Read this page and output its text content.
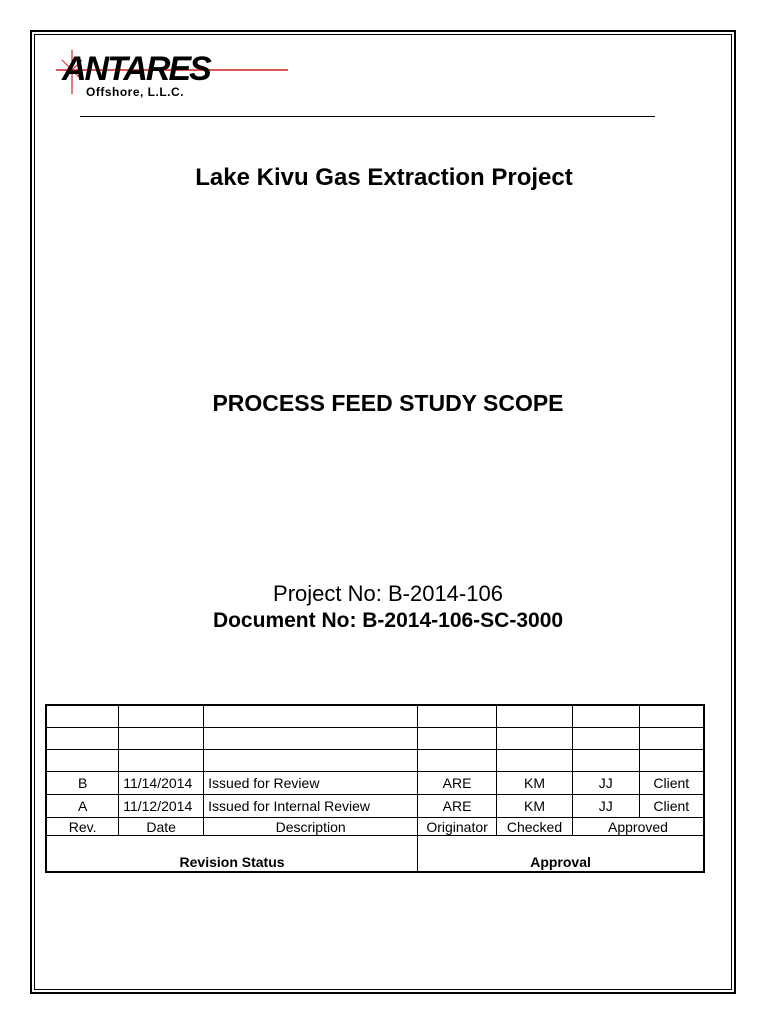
ANTARES
Offshore, L.L.C.
Lake Kivu Gas Extraction Project
PROCESS FEED STUDY SCOPE
Project No: B-2014-106
Document No: B-2014-106-SC-3000

B	11/14/2014	Issued for Review	ARE	KM	JJ	Client
A	11/12/2014	Issued for Internal Review	ARE	KM	JJ	Client
Rev.	Date	Description	Originator	Checked	Approved	
Revision Status			Approval			
